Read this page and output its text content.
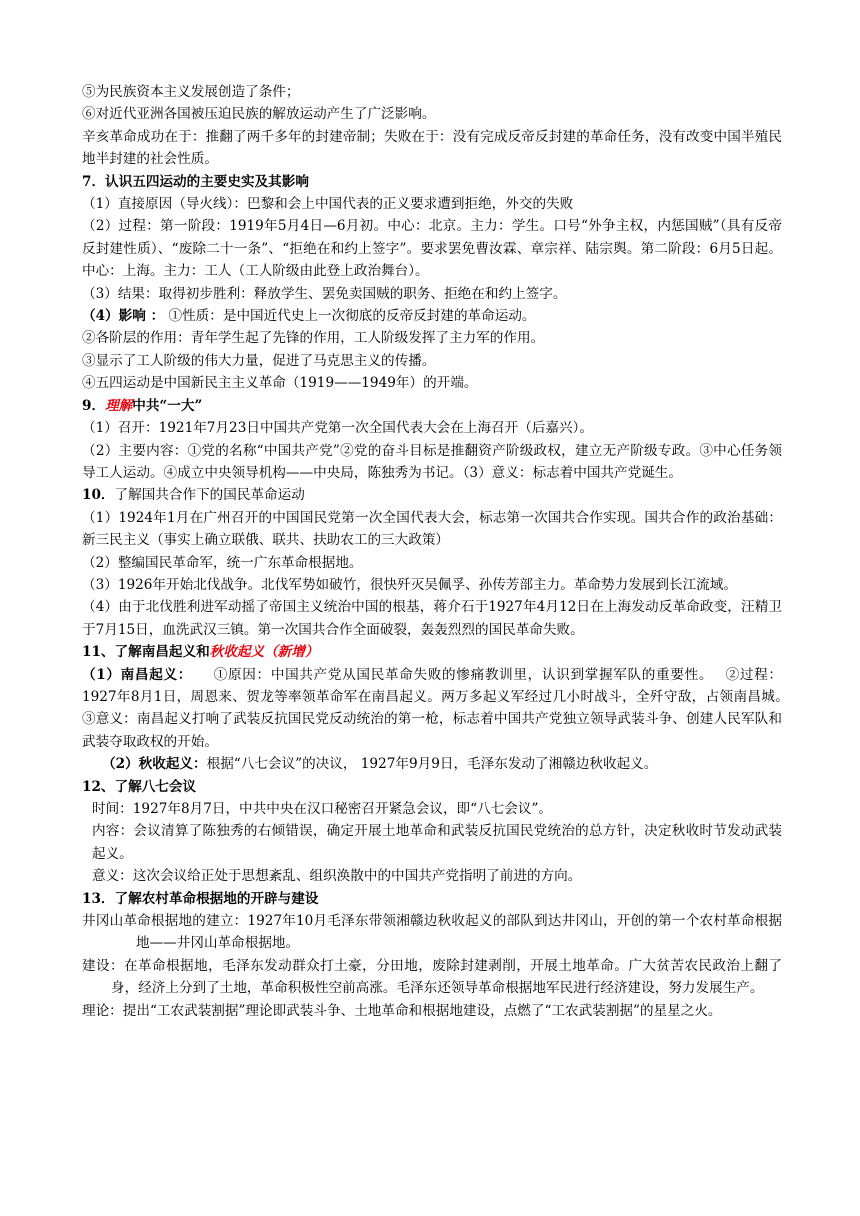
⑤为民族资本主义发展创造了条件；

⑥对近代亚洲各国被压迫民族的解放运动产生了广泛影响。

辛亥革命成功在于：推翻了两千多年的封建帝制；失败在于：没有完成反帝反封建的革命任务，没有改变中国半殖民地半封建的社会性质。

7．认识五四运动的主要史实及其影响

（1）直接原因（导火线）：巴黎和会上中国代表的正义要求遭到拒绝，外交的失败

（2）过程：第一阶段：1919年5月4日—6月初。中心：北京。主力：学生。口号“外争主权，内惩国贼”（具有反帝反封建性质）、“废除二十一条”、“拒绝在和约上签字”。要求罢免曹汝霖、章宗祥、陆宗舆。第二阶段：6月5日起。中心：上海。主力：工人（工人阶级由此登上政治舞台）。

（3）结果：取得初步胜利：释放学生、罢免卖国贼的职务、拒绝在和约上签字。

（4）影响 ： ①性质：是中国近代史上一次彻底的反帝反封建的革命运动。

②各阶层的作用：青年学生起了先锋的作用，工人阶级发挥了主力军的作用。

③显示了工人阶级的伟大力量，促进了马克思主义的传播。

④五四运动是中国新民主主义革命（1919——1949年）的开端。

9．理解中共“一大”

（1）召开：1921年7月23日中国共产党第一次全国代表大会在上海召开（后嘉兴）。

（2）主要内容：①党的名称“中国共产党”②党的奋斗目标是推翻资产阶级政权，建立无产阶级专政。③中心任务领导工人运动。④成立中央领导机构——中央局，陈独秀为书记。（3）意义：标志着中国共产党诞生。

10．了解国共合作下的国民革命运动

（1）1924年1月在广州召开的中国国民党第一次全国代表大会，标志第一次国共合作实现。国共合作的政治基础：新三民主义（事实上确立联俄、联共、扶助农工的三大政策）

（2）整编国民革命军，统一广东革命根据地。

（3）1926年开始北伐战争。北伐军势如破竹，很快歼灭吴佩孚、孙传芳部主力。革命势力发展到长江流域。

（4）由于北伐胜利进军动摇了帝国主义统治中国的根基，蒋介石于1927年4月12日在上海发动反革命政变，汪精卫于7月15日，血洗武汉三镇。第一次国共合作全面破裂，轰轰烈烈的国民革命失败。

11、了解南昌起义和秋收起义（新增）

（1）南昌起义：　　①原因：中国共产党从国民革命失败的惨痛教训里，认识到掌握军队的重要性。　 ②过程：1927年8月1日，周恩来、贺龙等率领革命军在南昌起义。两万多起义军经过几小时战斗，全歼守敌，占领南昌城。　 ③意义：南昌起义打响了武装反抗国民党反动统治的第一枪，标志着中国共产党独立领导武装斗争、创建人民军队和武装夺取政权的开始。

（2）秋收起义：根据“八七会议”的决议， 1927年9月9日，毛泽东发动了湘赣边秋收起义。

12、了解八七会议

时间：1927年8月7日，中共中央在汉口秘密召开紧急会议，即“八七会议”。

内容：会议清算了陈独秀的右倾错误，确定开展土地革命和武装反抗国民党统治的总方针，决定秋收时节发动武装起义。

意义：这次会议给正处于思想紊乱、组织涣散中的中国共产党指明了前进的方向。

13．了解农村革命根据地的开辟与建设

井冈山革命根据地的建立：1927年10月毛泽东带领湘赣边秋收起义的部队到达井冈山，开创的第一个农村革命根据地——井冈山革命根据地。

建设：在革命根据地，毛泽东发动群众打土豪，分田地，废除封建剥削，开展土地革命。广大贫苦农民政治上翻了身，经济上分到了土地，革命积极性空前高涨。毛泽东还领导革命根据地军民进行经济建设，努力发展生产。

理论：提出“工农武装割据”理论即武装斗争、土地革命和根据地建设，点燃了“工农武装割据”的星星之火。
